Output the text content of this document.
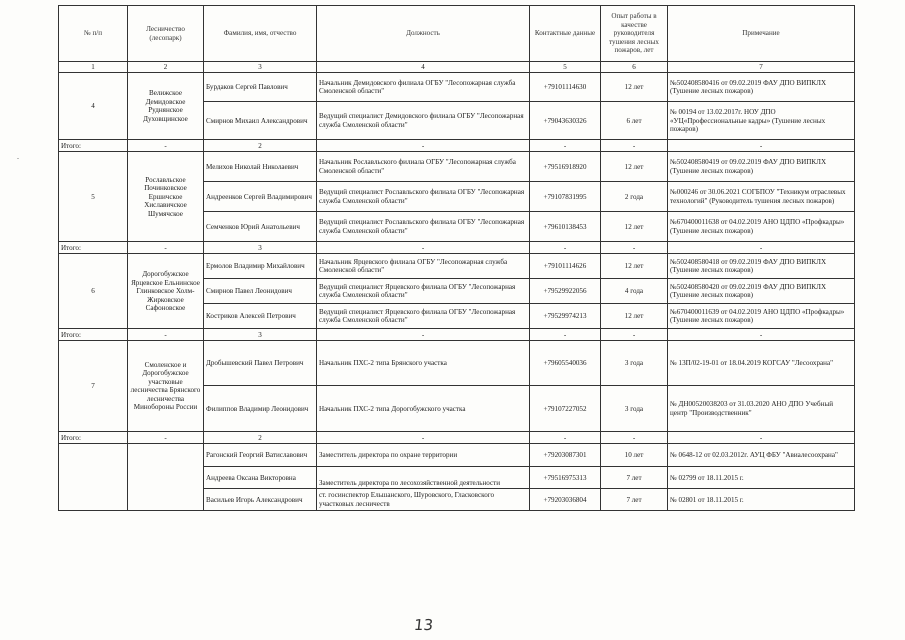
.
№ п/п	Лесничество (лесопарк)	Фамилия, имя, отчество	Должность	Контактные данные	Опыт работы в качестве руководителя тушения лесных пожаров, лет	Примечание
1	2	3	4	5	6	7
4	Велижское Демидовское Руднянское Духовщинское	Бурдаков Сергей Павлович	Начальник Демидовского филиала ОГБУ "Лесопожарная служба Смоленской области"	+79101114630	12 лет	№502408580416 от 09.02.2019 ФАУ ДПО ВИПКЛХ (Тушение лесных пожаров)
		Смирнов Михаил Александрович	Ведущий специалист Демидовского филиала ОГБУ "Лесопожарная служба Смоленской области"	+79043630326	6 лет	№ 00194 от 13.02.2017г. НОУ ДПО «УЦ«Профессиональные кадры» (Тушение лесных пожаров)
Итого:	-	2	-	-	-	-
5	Рославльское Починковское Ершичское Хиславичское Шумячское	Мелихов Николай Николаевич	Начальник Рославльского филиала ОГБУ "Лесопожарная служба Смоленской области"	+79516918920	12 лет	№502408580419 от 09.02.2019 ФАУ ДПО ВИПКЛХ (Тушение лесных пожаров)
		Андреенков Сергей Владимирович	Ведущий специалист Рославльского филиала ОГБУ "Лесопожарная служба Смоленской области"	+79107831995	2 года	№000246 от 30.06.2021 СОГБПОУ "Техникум отраслевых технологий" (Руководитель тушения лесных пожаров)
		Семченков Юрий Анатольевич	Ведущий специалист Рославльского филиала ОГБУ "Лесопожарная служба Смоленской области"	+79610138453	12 лет	№670400011638 от 04.02.2019 АНО ЦДПО «Профкадры» (Тушение лесных пожаров)
Итого:	-	3	-	-	-	-
6	Дорогобужское Ярцевское Ельнинское Глинковское Холм-Жирковское Сафоновское	Ермолов Владимир Михайлович	Начальник Ярцевского филиала ОГБУ "Лесопожарная служба Смоленской области"	+79101114626	12 лет	№502408580418 от 09.02.2019 ФАУ ДПО ВИПКЛХ (Тушение лесных пожаров)
		Смирнов Павел Леонидович	Ведущий специалист Ярцевского филиала ОГБУ "Лесопожарная служба Смоленской области"	+79529922056	4 года	№502408580420 от 09.02.2019 ФАУ ДПО ВИПКЛХ (Тушение лесных пожаров)
		Костриков Алексей Петрович	Ведущий специалист Ярцевского филиала ОГБУ "Лесопожарная служба Смоленской области"	+79529974213	12 лет	№670400011639 от 04.02.2019 АНО ЦДПО «Профкадры» (Тушение лесных пожаров)
Итого:	-	3	-	-	-	-
7	Смоленское и Дорогобужское участковые лесничества Брянского лесничества Минобороны России	Дробышевский Павел Петрович	Начальник ПХС-2 типа Брянского участка	+79605540036	3 года	№ 13П/02-19-01 от 18.04.2019 КОГСАУ "Лесоохрана"
		Филиппов Владимир Леонидович	Начальник ПХС-2 типа Дорогобужского участка	+79107227052	3 года	№ ДН00520038203 от 31.03.2020 АНО ДПО Учебный центр "Производственник"
Итого:	-	2	-	-	-	-
		Рагонский Георгий Ватиславович	Заместитель директора по охране территории	+79203087301	10 лет	№ 0648-12 от 02.03.2012г. АУЦ ФБУ "Авиалесоохрана"
		Андреева Оксана Викторовна	Заместитель директора по лесохозяйственной деятельности	+79516975313	7 лет	№ 02799 от 18.11.2015 г.
		Васильев Игорь Александрович	ст. госинспектор Ельшанского, Шуровского, Гласковского участковых лесничеств	+79203036804	7 лет	№ 02801 от 18.11.2015 г.
13
